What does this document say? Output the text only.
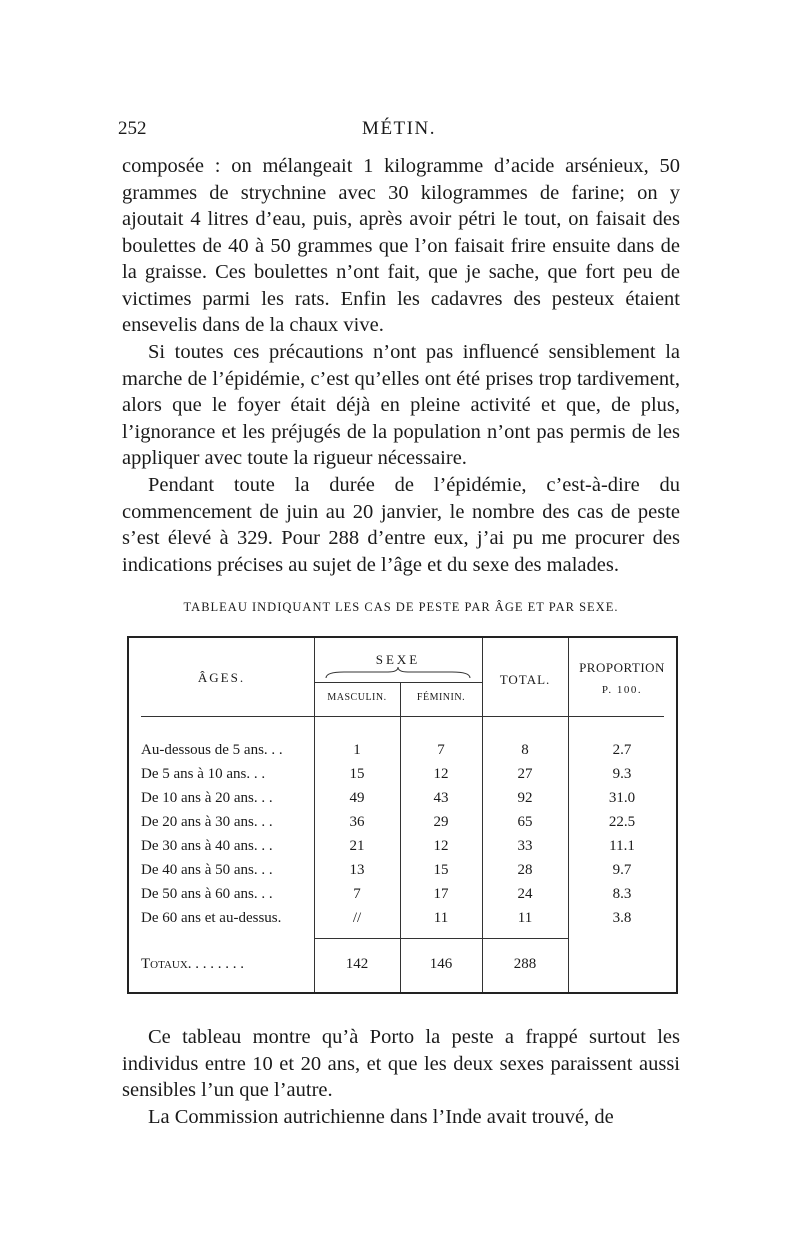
252	MÉTIN.

composée : on mélangeait 1 kilogramme d’acide arsénieux, 50 grammes de strychnine avec 30 kilogrammes de farine; on y ajoutait 4 litres d’eau, puis, après avoir pétri le tout, on faisait des boulettes de 40 à 50 grammes que l’on faisait frire ensuite dans de la graisse. Ces boulettes n’ont fait, que je sache, que fort peu de victimes parmi les rats. Enfin les cadavres des pesteux étaient ensevelis dans de la chaux vive.

Si toutes ces précautions n’ont pas influencé sensiblement la marche de l’épidémie, c’est qu’elles ont été prises trop tardivement, alors que le foyer était déjà en pleine activité et que, de plus, l’ignorance et les préjugés de la population n’ont pas permis de les appliquer avec toute la rigueur nécessaire.

Pendant toute la durée de l’épidémie, c’est-à-dire du commencement de juin au 20 janvier, le nombre des cas de peste s’est élevé à 329. Pour 288 d’entre eux, j’ai pu me procurer des indications précises au sujet de l’âge et du sexe des malades.

TABLEAU INDIQUANT LES CAS DE PESTE PAR ÂGE ET PAR SEXE.
ÂGES.
SEXE
MASCULIN.	FÉMININ.
TOTAL.
PROPORTION
P. 100.
Au-dessous de 5 ans. . .	1	7	8	2.7
De 5 ans à 10 ans. . .	15	12	27	9.3
De 10 ans à 20 ans. . .	49	43	92	31.0
De 20 ans à 30 ans. . .	36	29	65	22.5
De 30 ans à 40 ans. . .	21	12	33	11.1
De 40 ans à 50 ans. . .	13	15	28	9.7
De 50 ans à 60 ans. . .	7	17	24	8.3
De 60 ans et au-dessus.	//	11	11	3.8
Totaux. . . . . . . .	142	146	288

Ce tableau montre qu’à Porto la peste a frappé surtout les individus entre 10 et 20 ans, et que les deux sexes paraissent aussi sensibles l’un que l’autre.

La Commission autrichienne dans l’Inde avait trouvé, de
